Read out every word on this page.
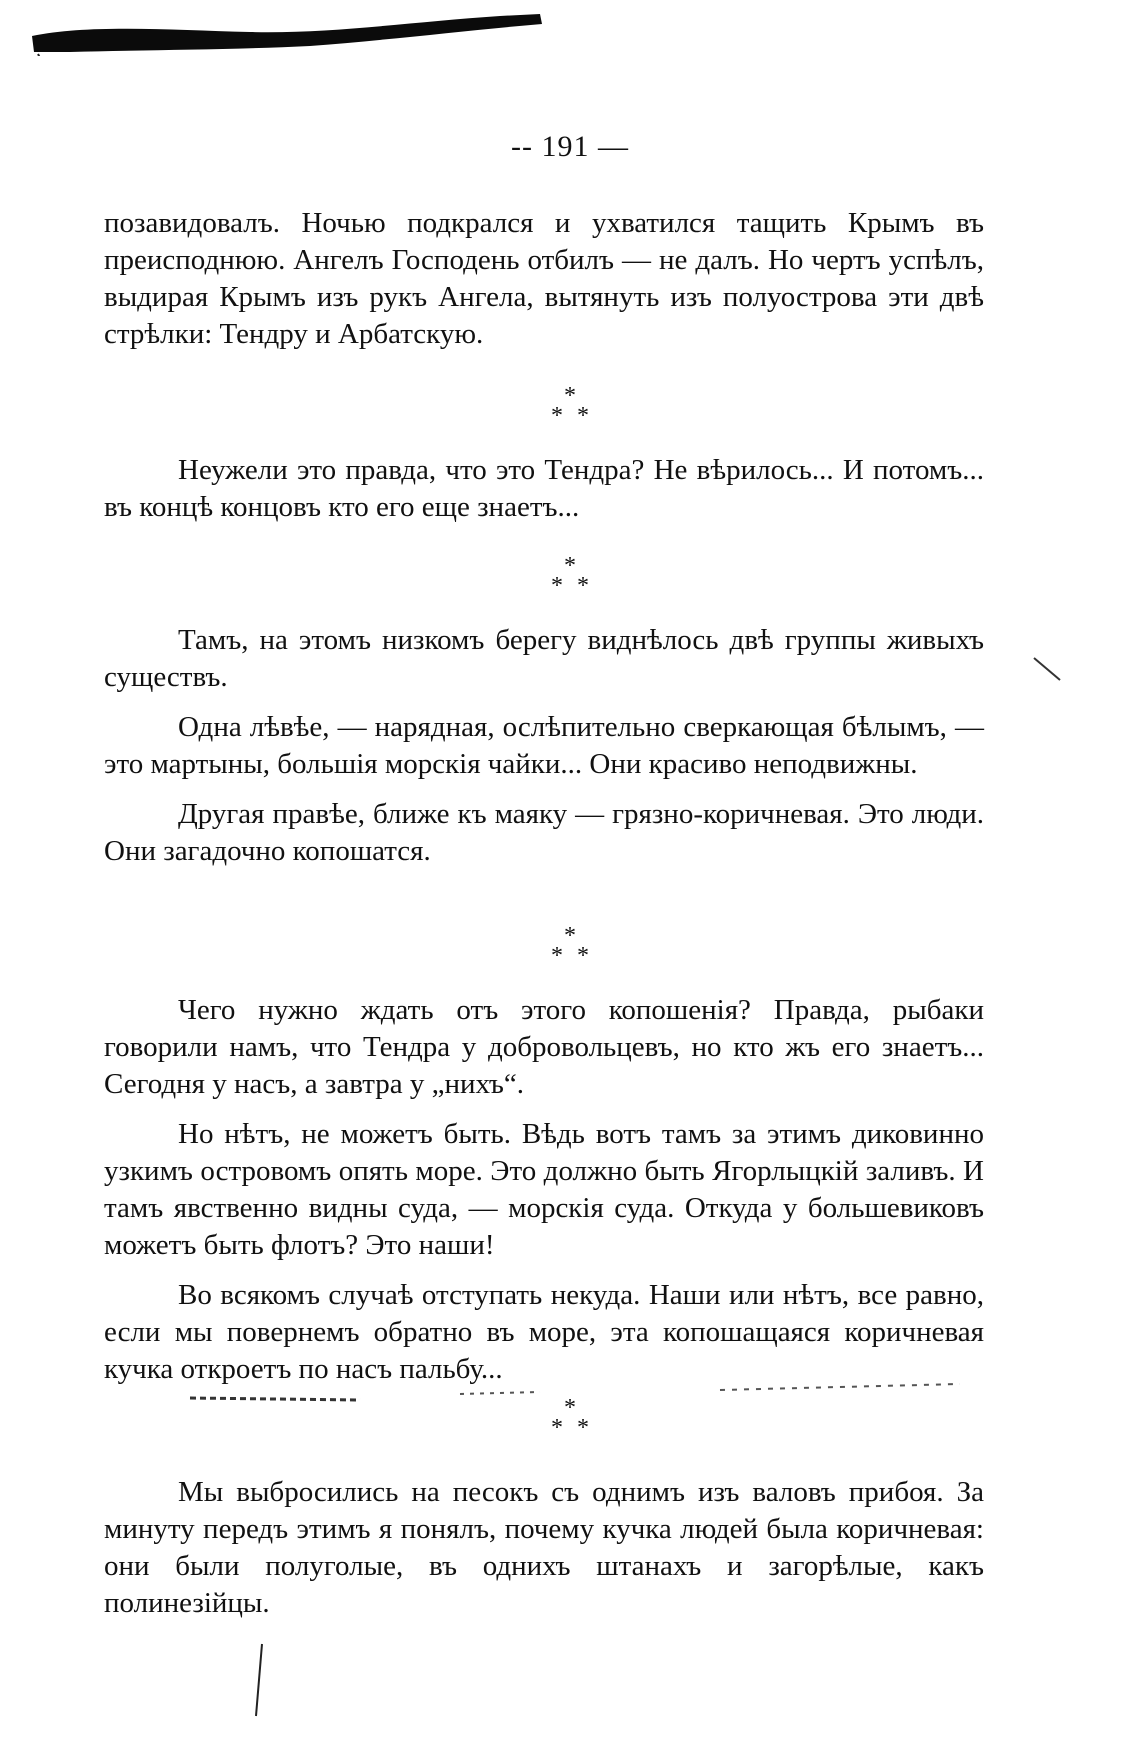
-- 191 —

позавидовалъ. Ночью подкрался и ухватился тащить Крымъ въ преисподнюю. Ангелъ Господень отбилъ — не далъ. Но чертъ успѣлъ, выдирая Крымъ изъ рукъ Ангела, вытянуть изъ полуострова эти двѣ стрѣлки: Тендру и Арбатскую.

*
**

Неужели это правда, что это Тендра? Не вѣрилось... И потомъ... въ концѣ концовъ кто его еще знаетъ...

*
**

Тамъ, на этомъ низкомъ берегу виднѣлось двѣ группы живыхъ существъ.

Одна лѣвѣе, — нарядная, ослѣпительно сверкающая бѣлымъ, — это мартыны, большія морскія чайки... Они красиво неподвижны.

Другая правѣе, ближе къ маяку — грязно-коричневая. Это люди. Они загадочно копошатся.

*
**

Чего нужно ждать отъ этого копошенія? Правда, рыбаки говорили намъ, что Тендра у добровольцевъ, но кто жъ его знаетъ... Сегодня у насъ, а завтра у „нихъ“.

Но нѣтъ, не можетъ быть. Вѣдь вотъ тамъ за этимъ диковинно узкимъ островомъ опять море. Это должно быть Ягорлыцкій заливъ. И тамъ явственно видны суда, — морскія суда. Откуда у большевиковъ можетъ быть флотъ? Это наши!

Во всякомъ случаѣ отступать некуда. Наши или нѣтъ, все равно, если мы повернемъ обратно въ море, эта копошащаяся коричневая кучка откроетъ по насъ пальбу...

*
**

Мы выбросились на песокъ съ однимъ изъ валовъ прибоя. За минуту передъ этимъ я понялъ, почему кучка людей была коричневая: они были полуголые, въ однихъ штанахъ и загорѣлые, какъ полинезійцы.
